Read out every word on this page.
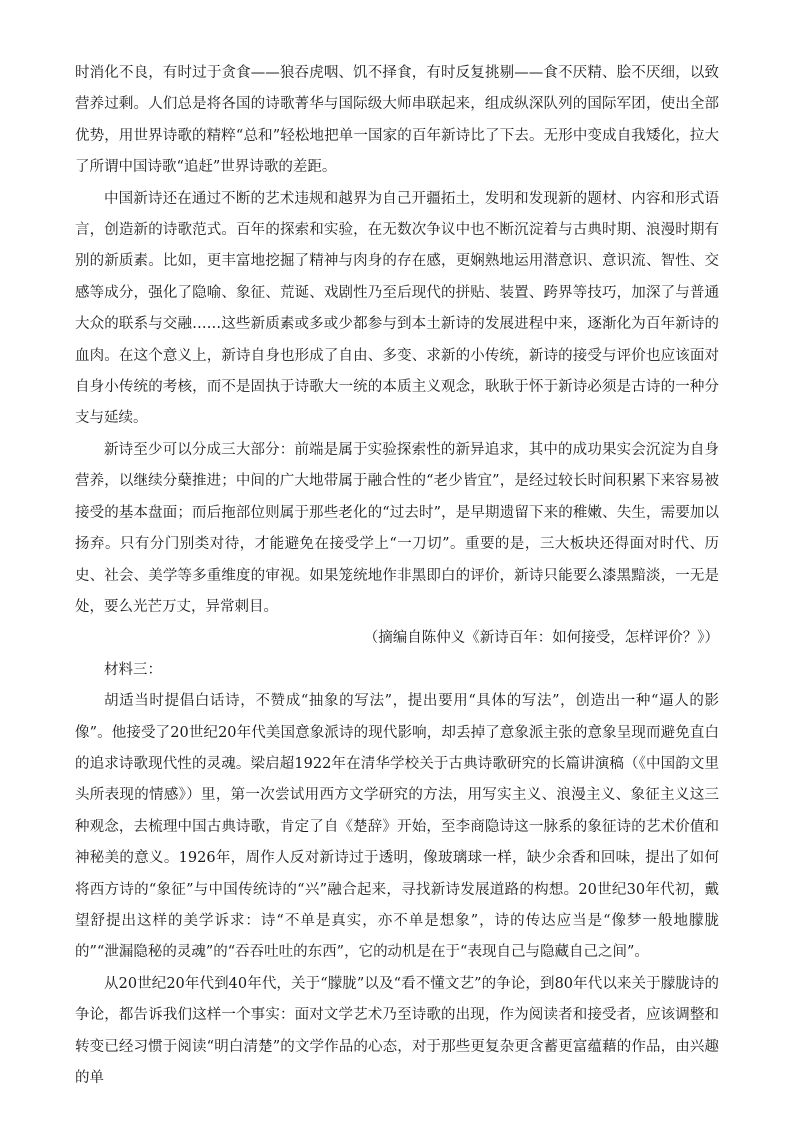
时消化不良，有时过于贪食——狼吞虎咽、饥不择食，有时反复挑剔——食不厌精、脍不厌细，以致营养过剩。人们总是将各国的诗歌菁华与国际级大师串联起来，组成纵深队列的国际军团，使出全部优势，用世界诗歌的精粹“总和”轻松地把单一国家的百年新诗比了下去。无形中变成自我矮化，拉大了所谓中国诗歌“追赶”世界诗歌的差距。

中国新诗还在通过不断的艺术违规和越界为自己开疆拓土，发明和发现新的题材、内容和形式语言，创造新的诗歌范式。百年的探索和实验，在无数次争议中也不断沉淀着与古典时期、浪漫时期有别的新质素。比如，更丰富地挖掘了精神与肉身的存在感，更娴熟地运用潜意识、意识流、智性、交感等成分，强化了隐喻、象征、荒诞、戏剧性乃至后现代的拼贴、装置、跨界等技巧，加深了与普通大众的联系与交融……这些新质素或多或少都参与到本土新诗的发展进程中来，逐渐化为百年新诗的血肉。在这个意义上，新诗自身也形成了自由、多变、求新的小传统，新诗的接受与评价也应该面对自身小传统的考核，而不是固执于诗歌大一统的本质主义观念，耿耿于怀于新诗必须是古诗的一种分支与延续。

新诗至少可以分成三大部分：前端是属于实验探索性的新异追求，其中的成功果实会沉淀为自身营养，以继续分蘖推进；中间的广大地带属于融合性的“老少皆宜”，是经过较长时间积累下来容易被接受的基本盘面；而后拖部位则属于那些老化的“过去时”，是早期遗留下来的稚嫩、失生，需要加以扬弃。只有分门别类对待，才能避免在接受学上“一刀切”。重要的是，三大板块还得面对时代、历史、社会、美学等多重维度的审视。如果笼统地作非黑即白的评价，新诗只能要么漆黑黯淡，一无是处，要么光芒万丈，异常刺目。

（摘编自陈仲义《新诗百年：如何接受，怎样评价？》）

材料三：

胡适当时提倡白话诗，不赞成“抽象的写法”，提出要用“具体的写法”，创造出一种“逼人的影像”。他接受了20世纪20年代美国意象派诗的现代影响，却丢掉了意象派主张的意象呈现而避免直白的追求诗歌现代性的灵魂。梁启超1922年在清华学校关于古典诗歌研究的长篇讲演稿（《中国韵文里头所表现的情感》）里，第一次尝试用西方文学研究的方法，用写实主义、浪漫主义、象征主义这三种观念，去梳理中国古典诗歌，肯定了自《楚辞》开始，至李商隐诗这一脉系的象征诗的艺术价值和神秘美的意义。1926年，周作人反对新诗过于透明，像玻璃球一样，缺少余香和回味，提出了如何将西方诗的“象征”与中国传统诗的“兴”融合起来，寻找新诗发展道路的构想。20世纪30年代初，戴望舒提出这样的美学诉求：诗“不单是真实，亦不单是想象”，诗的传达应当是“像梦一般地朦胧的”“泄漏隐秘的灵魂”的“吞吞吐吐的东西”，它的动机是在于“表现自己与隐藏自己之间”。

从20世纪20年代到40年代，关于“朦胧”以及“看不懂文艺”的争论，到80年代以来关于朦胧诗的争论，都告诉我们这样一个事实：面对文学艺术乃至诗歌的出现，作为阅读者和接受者，应该调整和转变已经习惯于阅读“明白清楚”的文学作品的心态，对于那些更复杂更含蓄更富蕴藉的作品，由兴趣的单
